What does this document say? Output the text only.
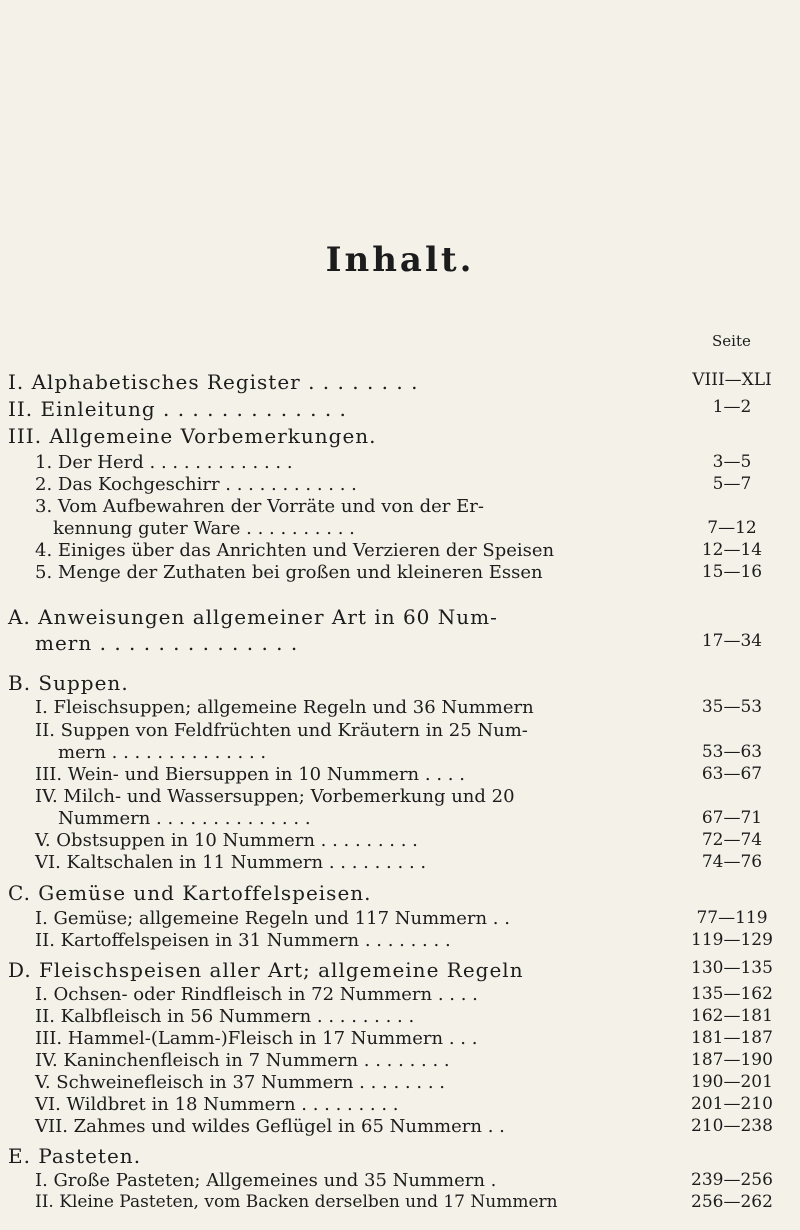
Inhalt.
Seite
I. Alphabetisches Register . . . . . . . .	VIII—XLI
II. Einleitung . . . . . . . . . . . . .	1—2
III. Allgemeine Vorbemerkungen.
1. Der Herd . . . . . . . . . . . . .	3—5
2. Das Kochgeschirr . . . . . . . . . . . .	5—7
3. Vom Aufbewahren der Vorräte und von der Er-
kennung guter Ware . . . . . . . . . .	7—12
4. Einiges über das Anrichten und Verzieren der Speisen	12—14
5. Menge der Zuthaten bei großen und kleineren Essen	15—16
A. Anweisungen allgemeiner Art in 60 Num-
mern . . . . . . . . . . . . . .	17—34
B. Suppen.
I. Fleischsuppen; allgemeine Regeln und 36 Nummern	35—53
II. Suppen von Feldfrüchten und Kräutern in 25 Num-
mern . . . . . . . . . . . . . .	53—63
III. Wein- und Biersuppen in 10 Nummern . . . .	63—67
IV. Milch- und Wassersuppen; Vorbemerkung und 20
Nummern . . . . . . . . . . . . . .	67—71
V. Obstsuppen in 10 Nummern . . . . . . . . .	72—74
VI. Kaltschalen in 11 Nummern . . . . . . . . .	74—76
C. Gemüse und Kartoffelspeisen.
I. Gemüse; allgemeine Regeln und 117 Nummern . .	77—119
II. Kartoffelspeisen in 31 Nummern . . . . . . . .	119—129
D. Fleischspeisen aller Art; allgemeine Regeln	130—135
I. Ochsen- oder Rindfleisch in 72 Nummern . . . .	135—162
II. Kalbfleisch in 56 Nummern . . . . . . . . .	162—181
III. Hammel-(Lamm-)Fleisch in 17 Nummern . . .	181—187
IV. Kaninchenfleisch in 7 Nummern . . . . . . . .	187—190
V. Schweinefleisch in 37 Nummern . . . . . . . .	190—201
VI. Wildbret in 18 Nummern . . . . . . . . .	201—210
VII. Zahmes und wildes Geflügel in 65 Nummern . .	210—238
E. Pasteten.
I. Große Pasteten; Allgemeines und 35 Nummern .	239—256
II. Kleine Pasteten, vom Backen derselben und 17 Nummern	256—262
